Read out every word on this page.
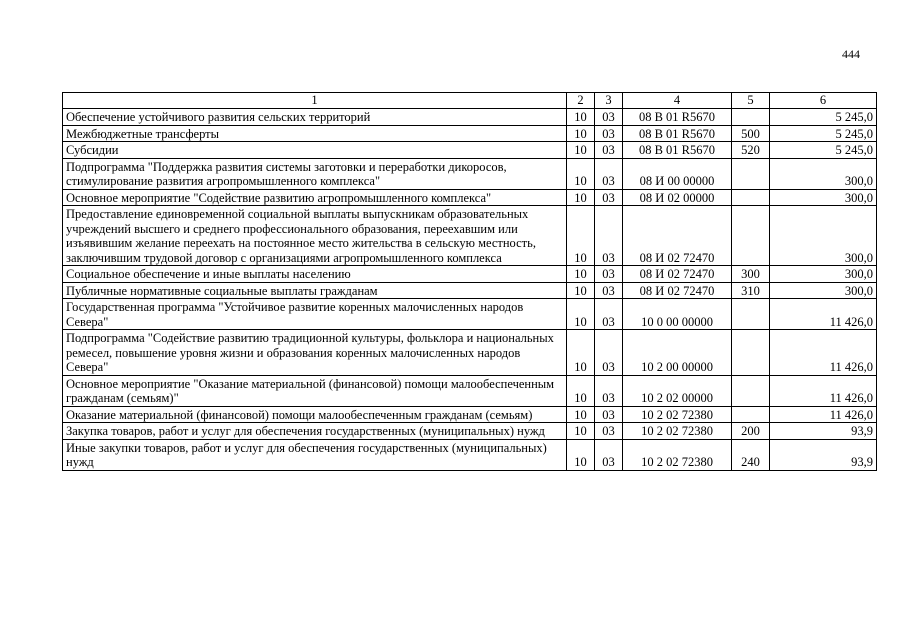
444
1	2	3	4	5	6
Обеспечение устойчивого развития сельских территорий	10	03	08 В 01 R5670		5 245,0
Межбюджетные трансферты	10	03	08 В 01 R5670	500	5 245,0
Субсидии	10	03	08 В 01 R5670	520	5 245,0
Подпрограмма "Поддержка развития системы заготовки и переработки дикоросов, стимулирование развития агропромышленного комплекса"	10	03	08 И 00 00000		300,0
Основное мероприятие "Содействие развитию агропромышленного комплекса"	10	03	08 И 02 00000		300,0
Предоставление единовременной социальной выплаты выпускникам образовательных учреждений высшего и среднего профессионального образования, переехавшим или изъявившим желание переехать на постоянное место жительства в сельскую местность, заключившим трудовой договор с организациями агропромышленного комплекса	10	03	08 И 02 72470		300,0
Социальное обеспечение и иные выплаты населению	10	03	08 И 02 72470	300	300,0
Публичные нормативные социальные выплаты гражданам	10	03	08 И 02 72470	310	300,0
Государственная программа "Устойчивое развитие коренных малочисленных народов Севера"	10	03	10 0 00 00000		11 426,0
Подпрограмма "Содействие развитию традиционной культуры, фольклора и национальных ремесел, повышение уровня жизни и образования коренных малочисленных народов Севера"	10	03	10 2 00 00000		11 426,0
Основное мероприятие "Оказание материальной (финансовой) помощи малообеспеченным гражданам (семьям)"	10	03	10 2 02 00000		11 426,0
Оказание материальной (финансовой) помощи малообеспеченным гражданам (семьям)	10	03	10 2 02 72380		11 426,0
Закупка товаров, работ и услуг для обеспечения государственных (муниципальных) нужд	10	03	10 2 02 72380	200	93,9
Иные закупки товаров, работ и услуг для обеспечения государственных (муниципальных) нужд	10	03	10 2 02 72380	240	93,9
